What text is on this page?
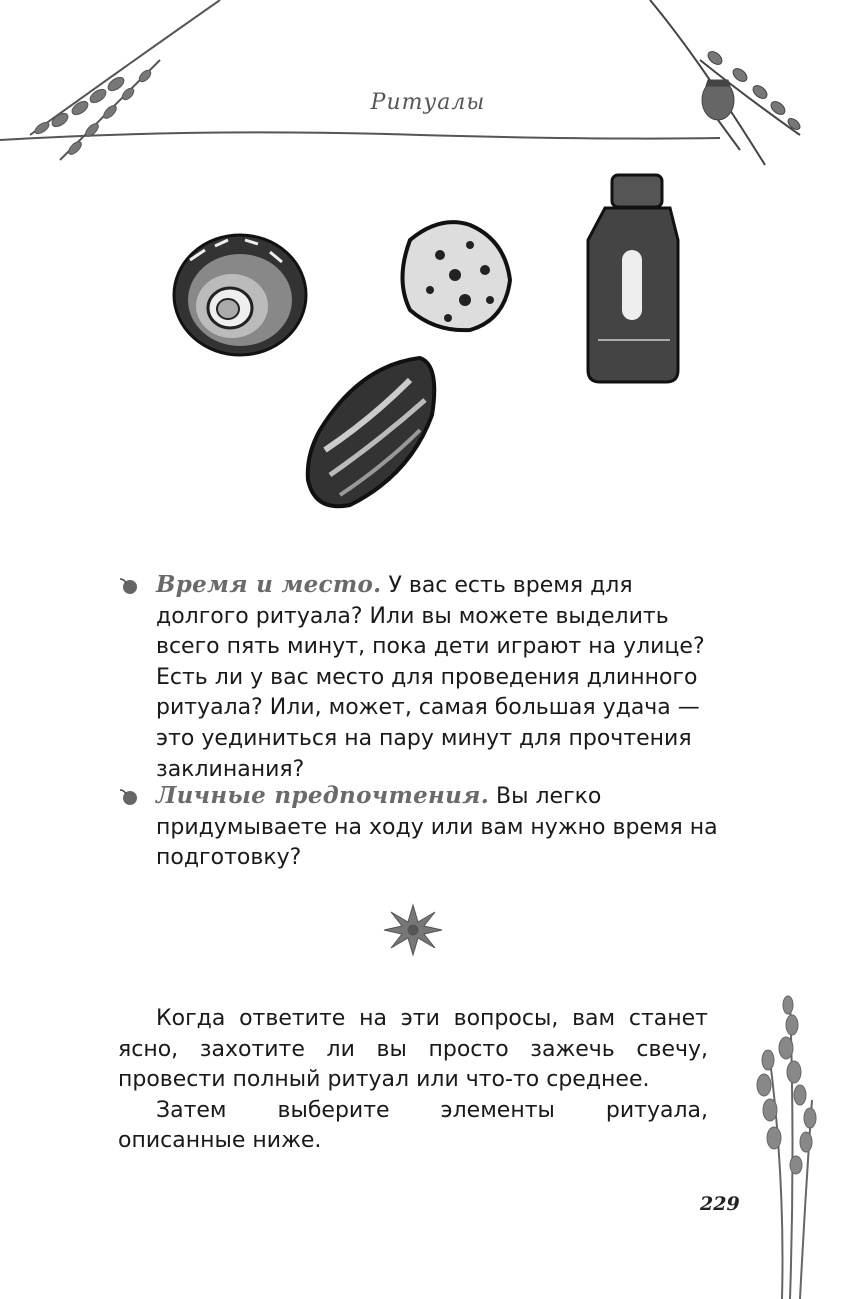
Ритуалы
Время и место. У вас есть время для долгого ритуала? Или вы можете выделить всего пять минут, пока дети играют на улице? Есть ли у вас место для проведения длинного ритуала? Или, может, самая большая удача — это уединиться на пару минут для прочтения заклинания?
Личные предпочтения. Вы легко придумываете на ходу или вам нужно время на подготовку?

Когда ответите на эти вопросы, вам станет ясно, захотите ли вы просто зажечь свечу, провести полный ритуал или что-то среднее.

Затем выберите элементы ритуала, описанные ниже.

229
